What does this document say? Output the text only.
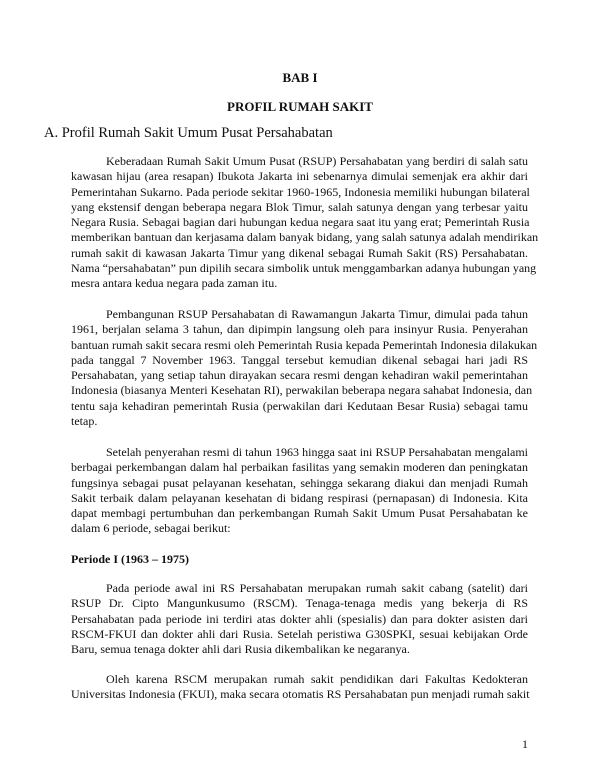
BAB I
PROFIL RUMAH SAKIT
A. Profil Rumah Sakit Umum Pusat Persahabatan
Keberadaan Rumah Sakit Umum Pusat (RSUP) Persahabatan yang berdiri di salah satu
kawasan hijau (area resapan) Ibukota Jakarta ini sebenarnya dimulai semenjak era akhir dari
Pemerintahan Sukarno. Pada periode sekitar 1960-1965, Indonesia memiliki hubungan bilateral
yang ekstensif dengan beberapa negara Blok Timur, salah satunya dengan yang terbesar yaitu
Negara Rusia. Sebagai bagian dari hubungan kedua negara saat itu yang erat; Pemerintah Rusia
memberikan bantuan dan kerjasama dalam banyak bidang, yang salah satunya adalah mendirikan
rumah sakit di kawasan Jakarta Timur yang dikenal sebagai Rumah Sakit (RS) Persahabatan.
Nama “persahabatan” pun dipilih secara simbolik untuk menggambarkan adanya hubungan yang
mesra antara kedua negara pada zaman itu.
Pembangunan RSUP Persahabatan di Rawamangun Jakarta Timur, dimulai pada tahun
1961, berjalan selama 3 tahun, dan dipimpin langsung oleh para insinyur Rusia. Penyerahan
bantuan rumah sakit secara resmi oleh Pemerintah Rusia kepada Pemerintah Indonesia dilakukan
pada tanggal 7 November 1963. Tanggal tersebut kemudian dikenal sebagai hari jadi RS
Persahabatan, yang setiap tahun dirayakan secara resmi dengan kehadiran wakil pemerintahan
Indonesia (biasanya Menteri Kesehatan RI), perwakilan beberapa negara sahabat Indonesia, dan
tentu saja kehadiran pemerintah Rusia (perwakilan dari Kedutaan Besar Rusia) sebagai tamu
tetap.
Setelah penyerahan resmi di tahun 1963 hingga saat ini RSUP Persahabatan mengalami
berbagai perkembangan dalam hal perbaikan fasilitas yang semakin moderen dan peningkatan
fungsinya sebagai pusat pelayanan kesehatan, sehingga sekarang diakui dan menjadi Rumah
Sakit terbaik dalam pelayanan kesehatan di bidang respirasi (pernapasan) di Indonesia. Kita
dapat membagi pertumbuhan dan perkembangan Rumah Sakit Umum Pusat Persahabatan ke
dalam 6 periode, sebagai berikut:
Periode I (1963 – 1975)
Pada periode awal ini RS Persahabatan merupakan rumah sakit cabang (satelit) dari
RSUP Dr. Cipto Mangunkusumo (RSCM). Tenaga-tenaga medis yang bekerja di RS
Persahabatan pada periode ini terdiri atas dokter ahli (spesialis) dan para dokter asisten dari
RSCM-FKUI dan dokter ahli dari Rusia. Setelah peristiwa G30SPKI, sesuai kebijakan Orde
Baru, semua tenaga dokter ahli dari Rusia dikembalikan ke negaranya.
Oleh karena RSCM merupakan rumah sakit pendidikan dari Fakultas Kedokteran
Universitas Indonesia (FKUI), maka secara otomatis RS Persahabatan pun menjadi rumah sakit
1
